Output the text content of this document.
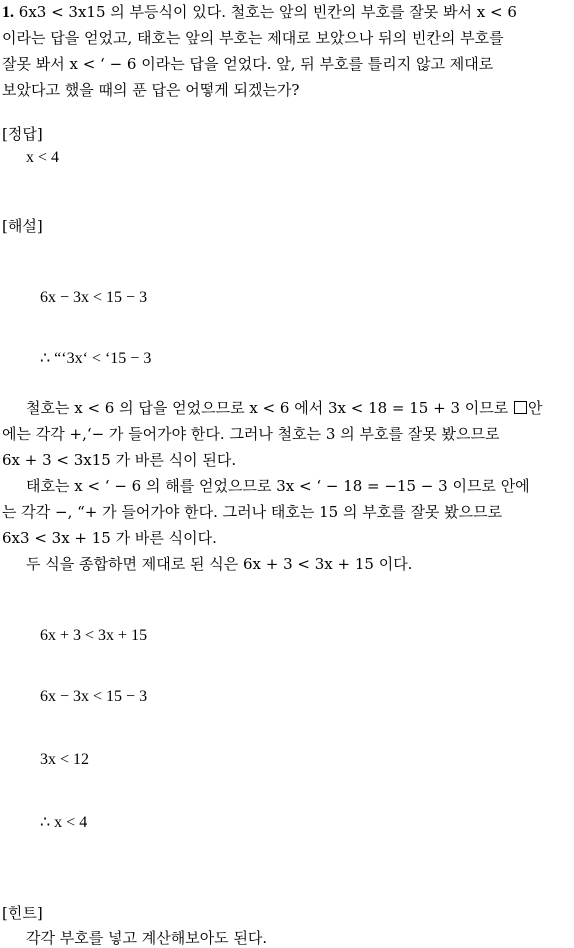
1. 6x3 < 3x15 의 부등식이 있다. 철호는 앞의 빈칸의 부호를 잘못 봐서 x < 6
이라는 답을 얻었고, 태호는 앞의 부호는 제대로 보았으나 뒤의 빈칸의 부호를
잘못 봐서 x < ‘ − 6 이라는 답을 얻었다. 앞, 뒤 부호를 틀리지 않고 제대로
보았다고 했을 때의 푼 답은 어떻게 되겠는가?
[정답]
x < 4
[해설]
6x − 3x < 15 − 3
∴ “‘3x‘ < ‘15 − 3
철호는 x < 6 의 답을 얻었으므로 x < 6 에서 3x < 18 = 15 + 3 이므로 안
에는 각각 +,‘− 가 들어가야 한다. 그러나 철호는 3 의 부호를 잘못 봤으므로
6x + 3 < 3x15 가 바른 식이 된다.
태호는 x < ‘ − 6 의 해를 얻었으므로 3x < ‘ − 18 = −15 − 3 이므로 안에
는 각각 −, “+ 가 들어가야 한다. 그러나 태호는 15 의 부호를 잘못 봤으므로
6x3 < 3x + 15 가 바른 식이다.
두 식을 종합하면 제대로 된 식은 6x + 3 < 3x + 15 이다.
6x + 3 < 3x + 15
6x − 3x < 15 − 3
3x < 12
∴ x < 4
[힌트]
각각 부호를 넣고 계산해보아도 된다.
